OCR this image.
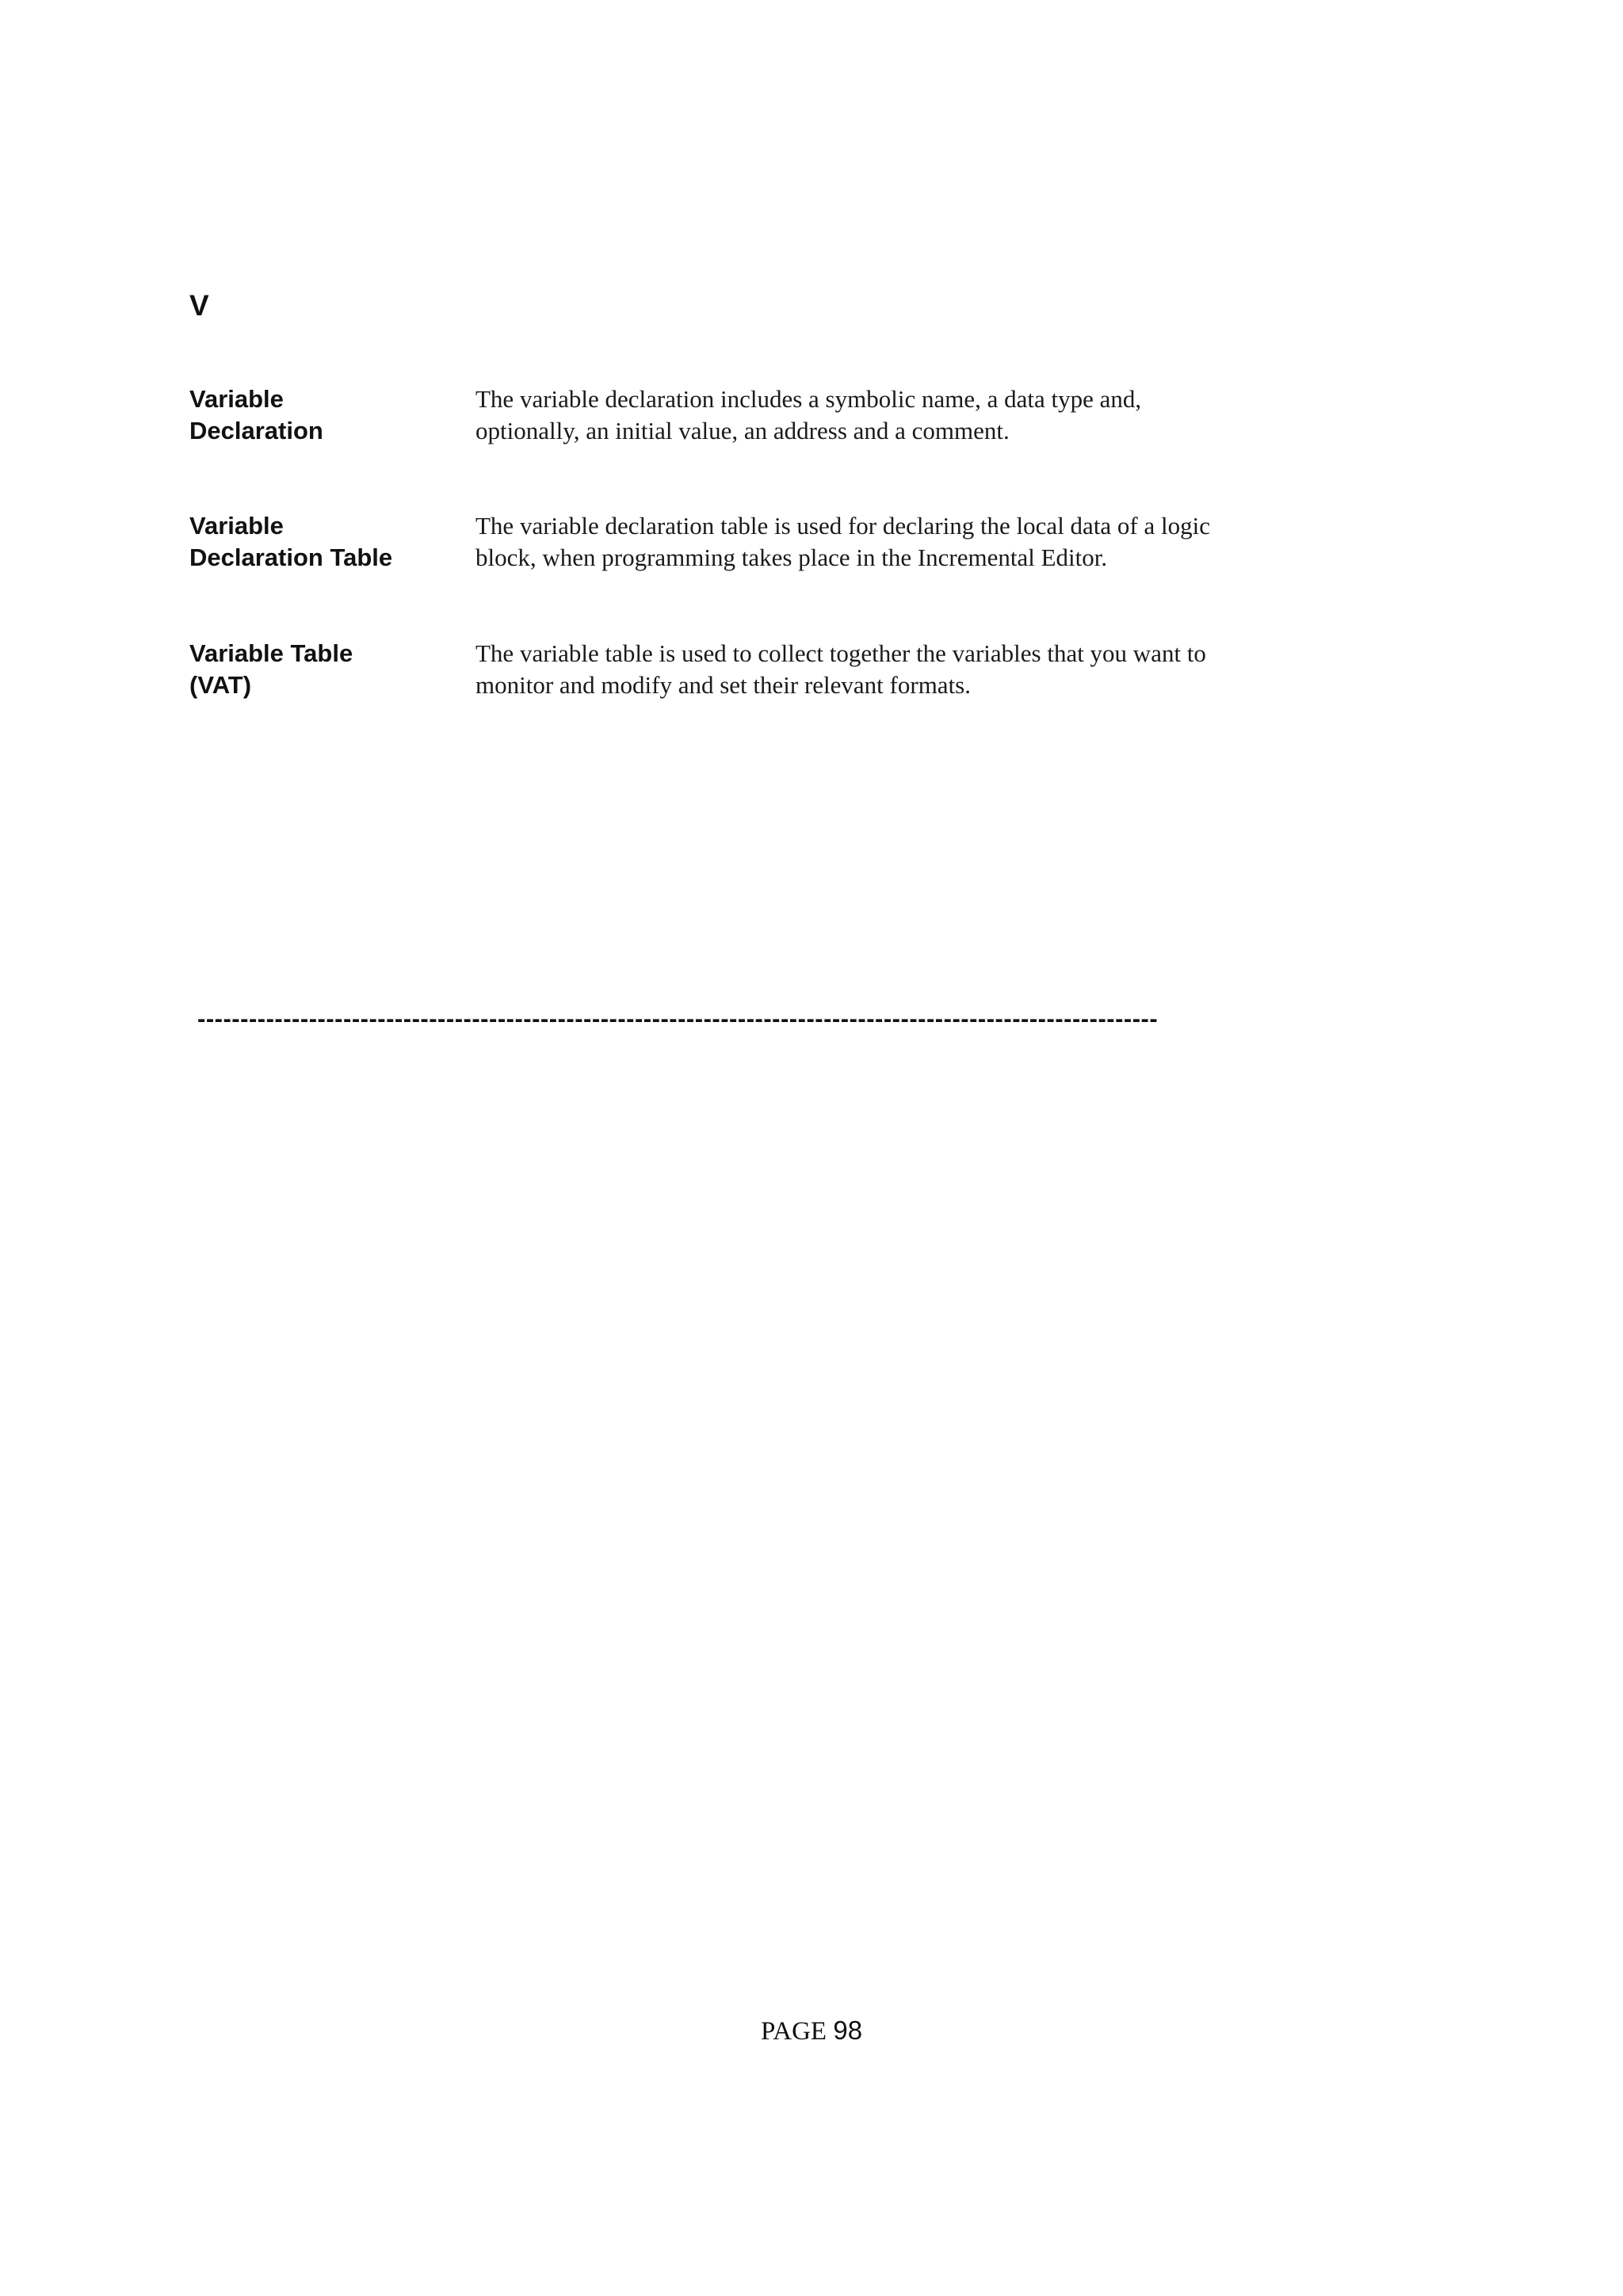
V
Variable
Declaration
The variable declaration includes a symbolic name, a data type and,
optionally, an initial value, an address and a comment.
Variable
Declaration Table
The variable declaration table is used for declaring the local data of a logic
block, when programming takes place in the Incremental Editor.
Variable Table
(VAT)
The variable table is used to collect together the variables that you want to
monitor and modify and set their relevant formats.
----------------------------------------------------------------------------------------------------------------
PAGE 98
